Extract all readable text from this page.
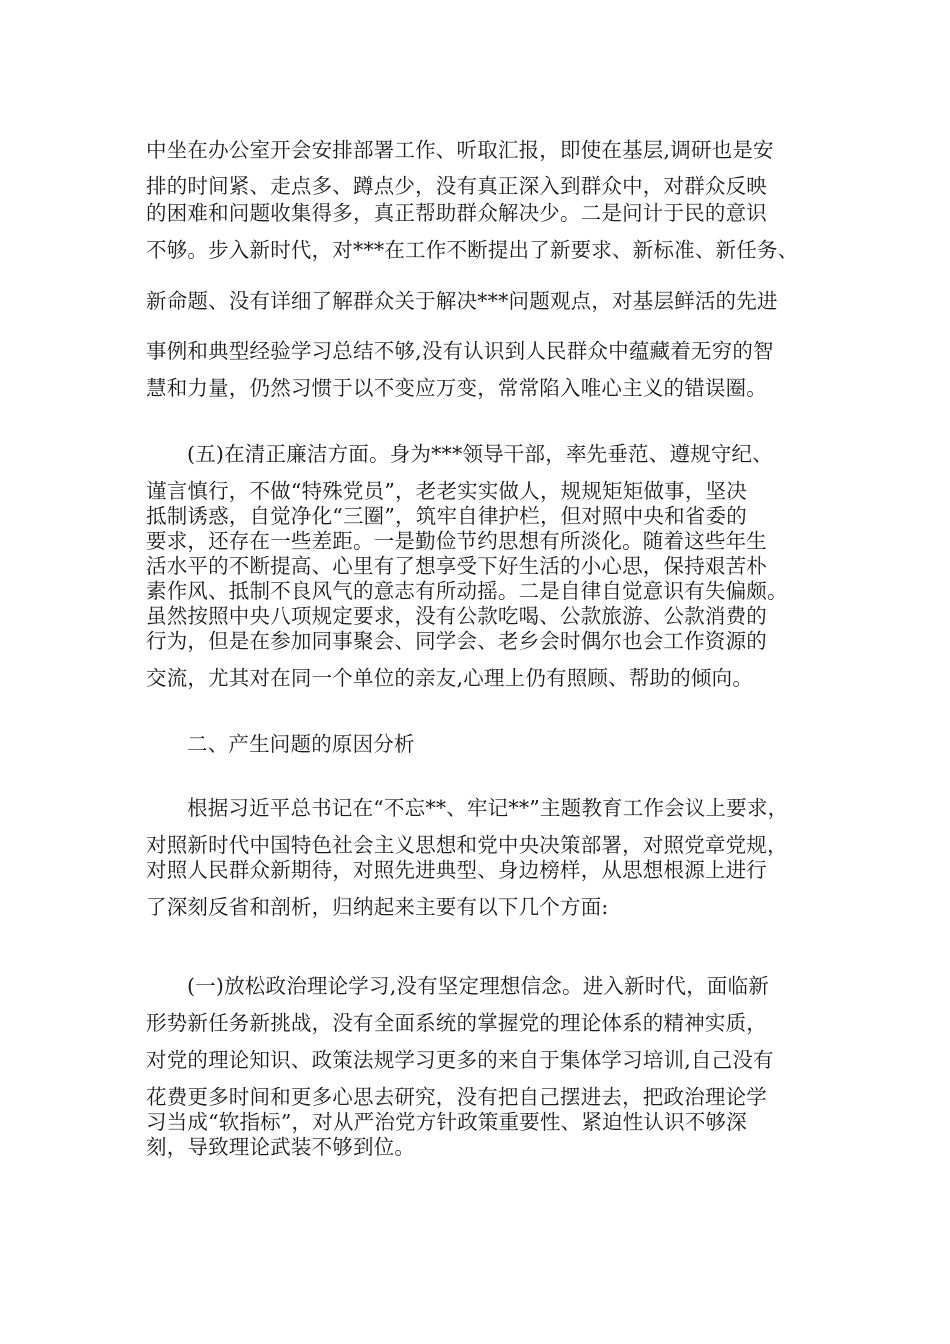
中坐在办公室开会安排部署工作、听取汇报，即使在基层,调研也是安
排的时间紧、走点多、蹲点少，没有真正深入到群众中，对群众反映
的困难和问题收集得多，真正帮助群众解决少。二是问计于民的意识
不够。步入新时代，对***在工作不断提出了新要求、新标准、新任务、
新命题、没有详细了解群众关于解决***问题观点，对基层鲜活的先进
事例和典型经验学习总结不够,没有认识到人民群众中蕴藏着无穷的智
慧和力量，仍然习惯于以不变应万变，常常陷入唯心主义的错误圈。
(五)在清正廉洁方面。身为***领导干部，率先垂范、遵规守纪、
谨言慎行，不做“特殊党员”，老老实实做人，规规矩矩做事，坚决
抵制诱惑，自觉净化“三圈”，筑牢自律护栏，但对照中央和省委的
要求，还存在一些差距。一是勤俭节约思想有所淡化。随着这些年生
活水平的不断提高、心里有了想享受下好生活的小心思，保持艰苦朴
素作风、抵制不良风气的意志有所动摇。二是自律自觉意识有失偏颇。
虽然按照中央八项规定要求，没有公款吃喝、公款旅游、公款消费的
行为，但是在参加同事聚会、同学会、老乡会时偶尔也会工作资源的
交流，尤其对在同一个单位的亲友,心理上仍有照顾、帮助的倾向。
二、产生问题的原因分析
根据习近平总书记在“不忘**、牢记**”主题教育工作会议上要求，
对照新时代中国特色社会主义思想和党中央决策部署，对照党章党规，
对照人民群众新期待，对照先进典型、身边榜样，从思想根源上进行
了深刻反省和剖析，归纳起来主要有以下几个方面:
(一)放松政治理论学习,没有坚定理想信念。进入新时代，面临新
形势新任务新挑战，没有全面系统的掌握党的理论体系的精神实质，
对党的理论知识、政策法规学习更多的来自于集体学习培训,自己没有
花费更多时间和更多心思去研究，没有把自己摆进去，把政治理论学
习当成“软指标”，对从严治党方针政策重要性、紧迫性认识不够深
刻，导致理论武装不够到位。
